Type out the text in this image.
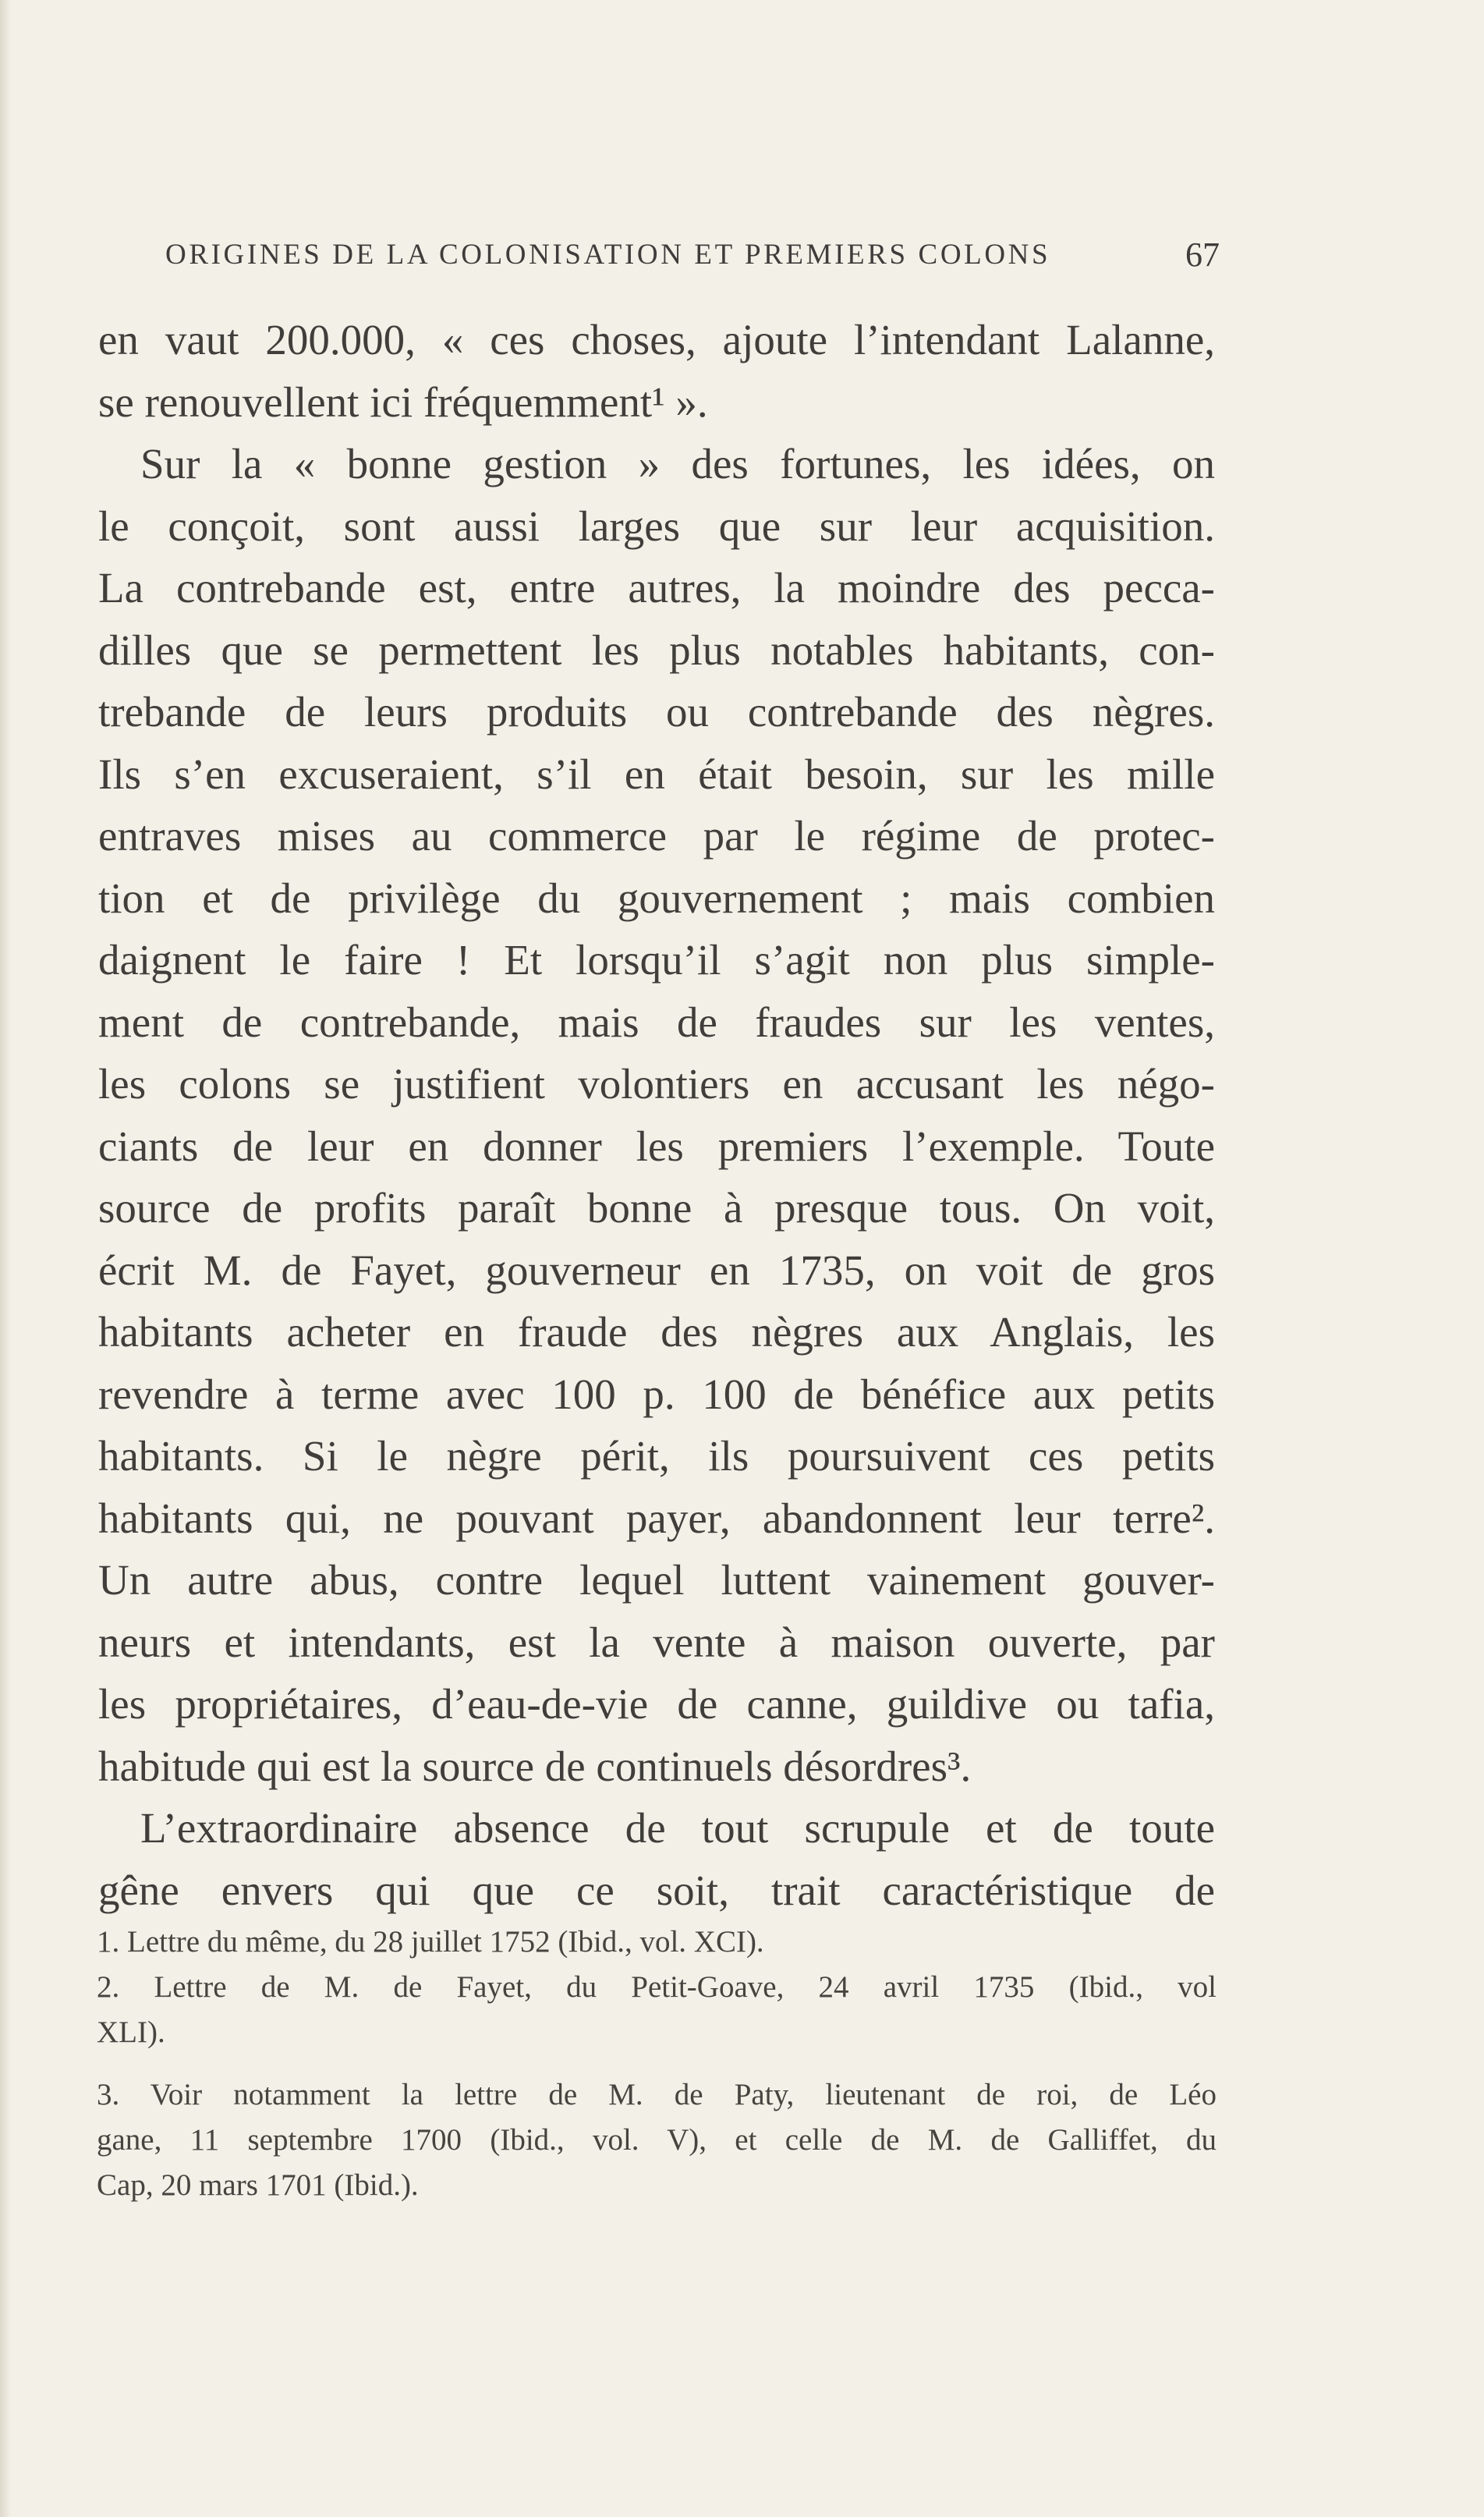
ORIGINES DE LA COLONISATION ET PREMIERS COLONS	67
en vaut 200.000, « ces choses, ajoute l’intendant Lalanne,
se renouvellent ici fréquemment¹ ».
Sur la « bonne gestion » des fortunes, les idées, on
le conçoit, sont aussi larges que sur leur acquisition.
La contrebande est, entre autres, la moindre des pecca-
dilles que se permettent les plus notables habitants, con-
trebande de leurs produits ou contrebande des nègres.
Ils s’en excuseraient, s’il en était besoin, sur les mille
entraves mises au commerce par le régime de protec-
tion et de privilège du gouvernement ; mais combien
daignent le faire ! Et lorsqu’il s’agit non plus simple-
ment de contrebande, mais de fraudes sur les ventes,
les colons se justifient volontiers en accusant les négo-
ciants de leur en donner les premiers l’exemple. Toute
source de profits paraît bonne à presque tous. On voit,
écrit M. de Fayet, gouverneur en 1735, on voit de gros
habitants acheter en fraude des nègres aux Anglais, les
revendre à terme avec 100 p. 100 de bénéfice aux petits
habitants. Si le nègre périt, ils poursuivent ces petits
habitants qui, ne pouvant payer, abandonnent leur terre².
Un autre abus, contre lequel luttent vainement gouver-
neurs et intendants, est la vente à maison ouverte, par
les propriétaires, d’eau-de-vie de canne, guildive ou tafia,
habitude qui est la source de continuels désordres³.
L’extraordinaire absence de tout scrupule et de toute
gêne envers qui que ce soit, trait caractéristique de
1. Lettre du même, du 28 juillet 1752 (Ibid., vol. XCI).
2. Lettre de M. de Fayet, du Petit-Goave, 24 avril 1735 (Ibid., vol
XLI).
3. Voir notamment la lettre de M. de Paty, lieutenant de roi, de Léo
gane, 11 septembre 1700 (Ibid., vol. V), et celle de M. de Galliffet, du
Cap, 20 mars 1701 (Ibid.).
